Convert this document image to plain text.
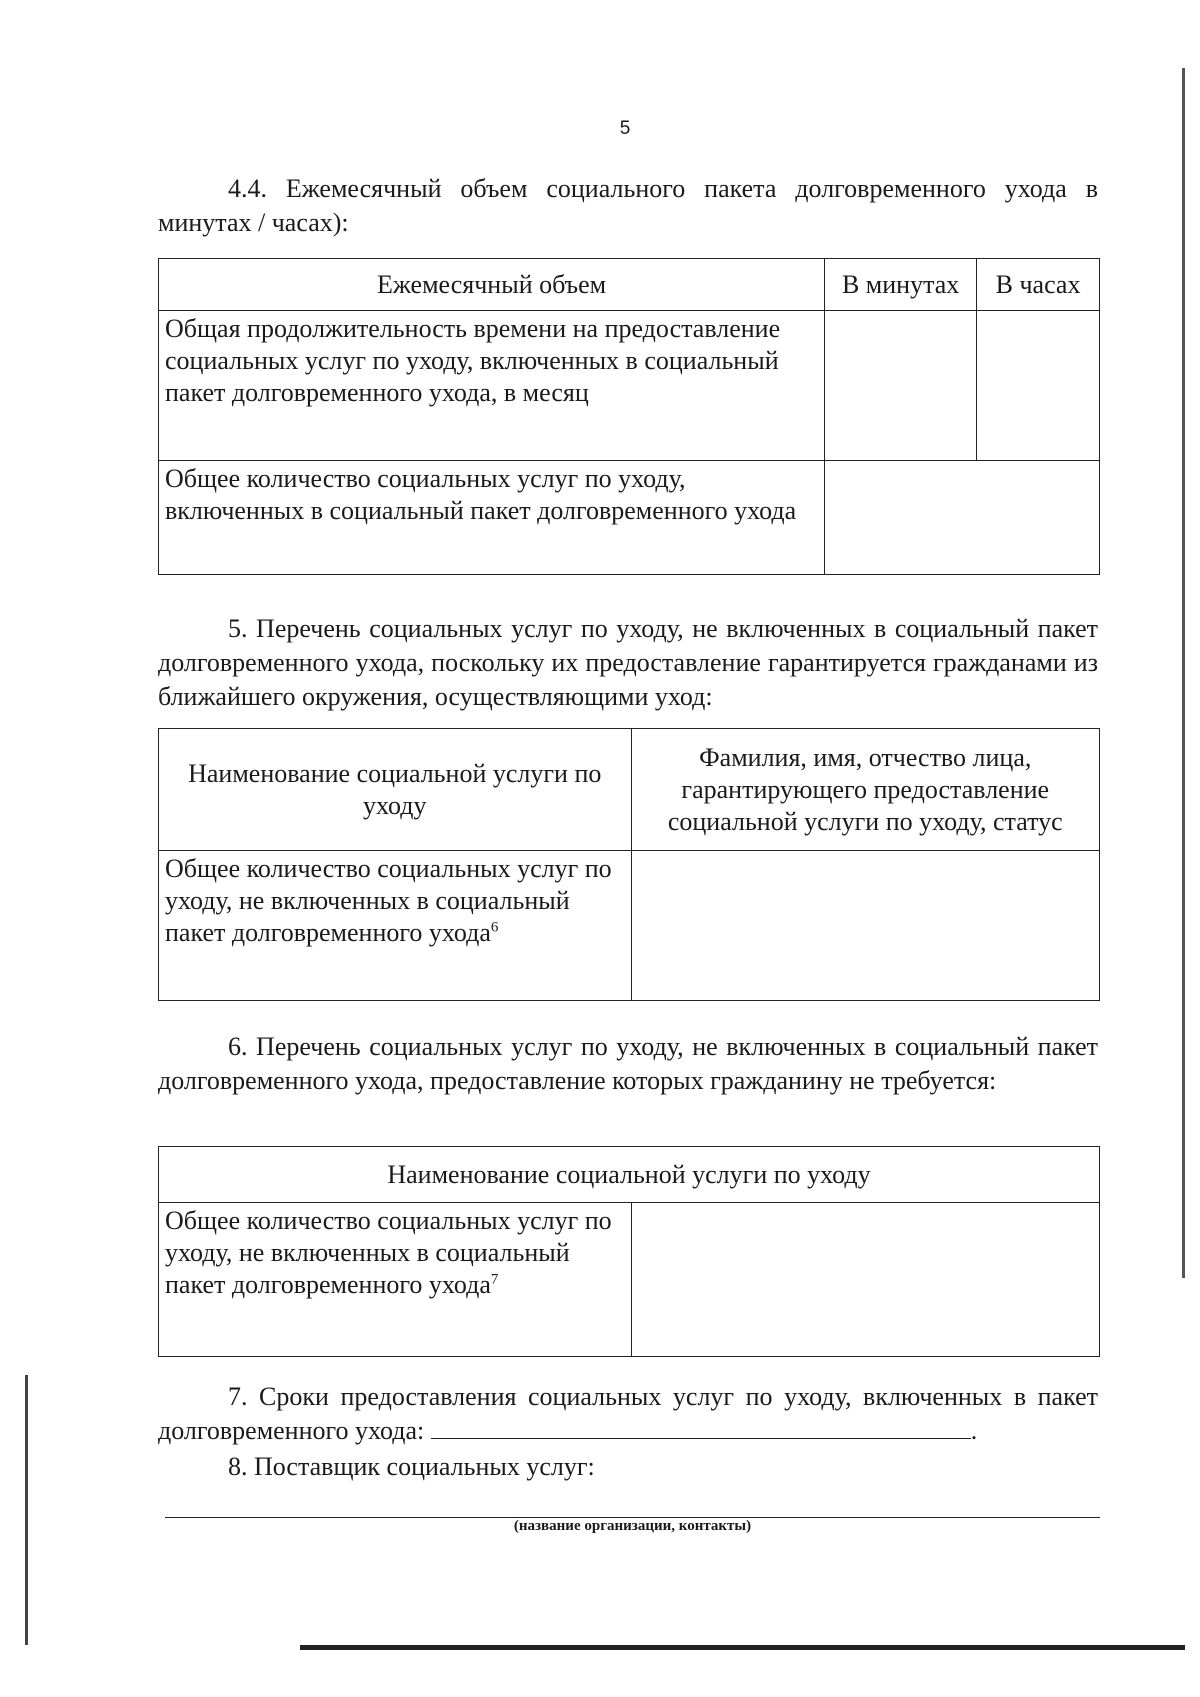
5

4.4. Ежемесячный объем социального пакета долговременного ухода в минутах / часах):

Ежемесячный объем	В минутах	В часах
Общая продолжительность времени на предоставление социальных услуг по уходу, включенных в социальный пакет долговременного ухода, в месяц		
Общее количество социальных услуг по уходу, включенных в социальный пакет долговременного ухода		

5. Перечень социальных услуг по уходу, не включенных в социальный пакет долговременного ухода, поскольку их предоставление гарантируется гражданами из ближайшего окружения, осуществляющими уход:

Наименование социальной услуги по уходу	Фамилия, имя, отчество лица, гарантирующего предоставление социальной услуги по уходу, статус
Общее количество социальных услуг по уходу, не включенных в социальный пакет долговременного ухода$^6$	

6. Перечень социальных услуг по уходу, не включенных в социальный пакет долговременного ухода, предоставление которых гражданину не требуется:

Наименование социальной услуги по уходу
Общее количество социальных услуг по уходу, не включенных в социальный пакет долговременного ухода$^7$	

7. Сроки предоставления социальных услуг по уходу, включенных в пакет долговременного ухода:	.

8. Поставщик социальных услуг:

(название организации, контакты)
